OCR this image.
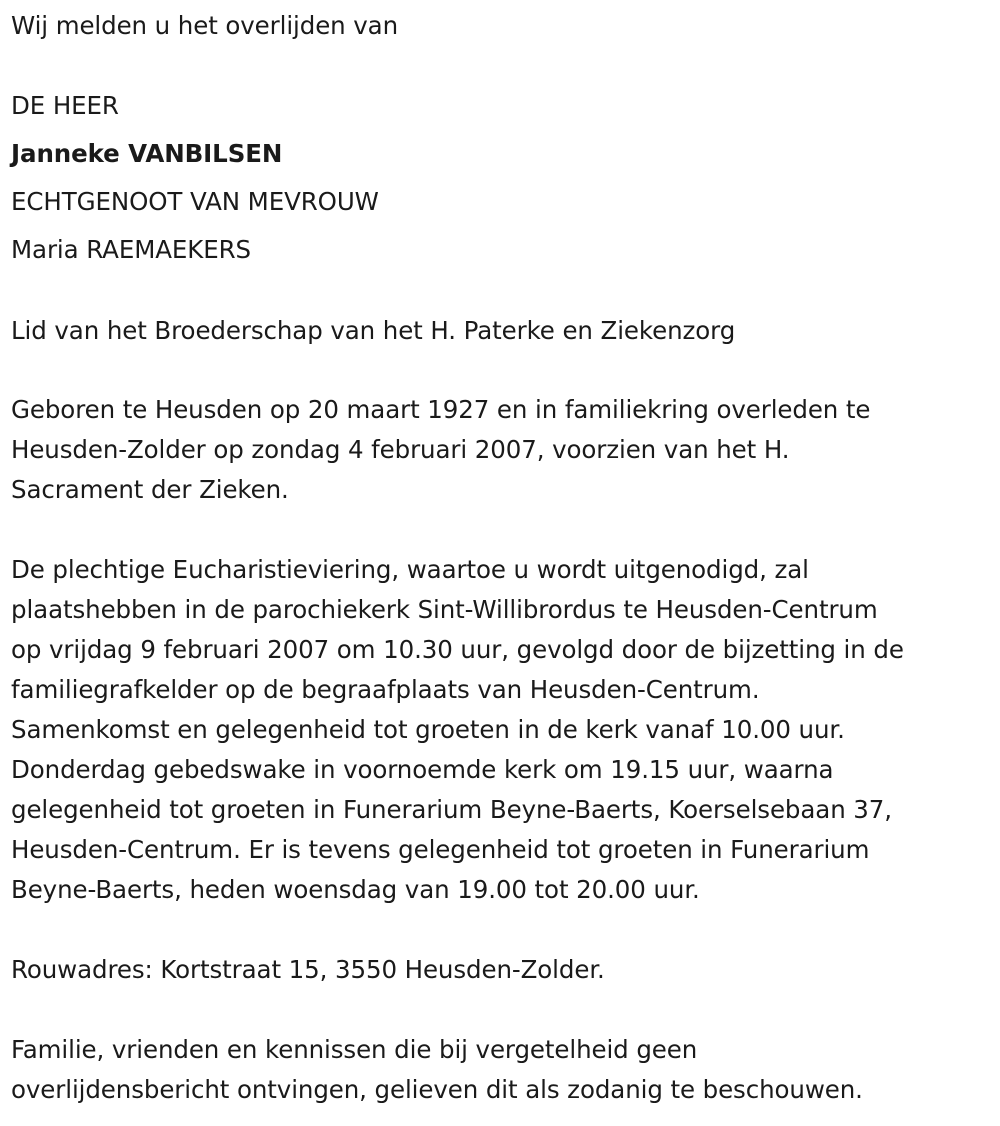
Wij melden u het overlijden van
DE HEER
Janneke VANBILSEN
ECHTGENOOT VAN MEVROUW
Maria RAEMAEKERS
Lid van het Broederschap van het H. Paterke en Ziekenzorg
Geboren te Heusden op 20 maart 1927 en in familiekring overleden te
Heusden-Zolder op zondag 4 februari 2007, voorzien van het H.
Sacrament der Zieken.
De plechtige Eucharistieviering, waartoe u wordt uitgenodigd, zal
plaatshebben in de parochiekerk Sint-Willibrordus te Heusden-Centrum
op vrijdag 9 februari 2007 om 10.30 uur, gevolgd door de bijzetting in de
familiegrafkelder op de begraafplaats van Heusden-Centrum.
Samenkomst en gelegenheid tot groeten in de kerk vanaf 10.00 uur.
Donderdag gebedswake in voornoemde kerk om 19.15 uur, waarna
gelegenheid tot groeten in Funerarium Beyne-Baerts, Koerselsebaan 37,
Heusden-Centrum. Er is tevens gelegenheid tot groeten in Funerarium
Beyne-Baerts, heden woensdag van 19.00 tot 20.00 uur.
Rouwadres: Kortstraat 15, 3550 Heusden-Zolder.
Familie, vrienden en kennissen die bij vergetelheid geen
overlijdensbericht ontvingen, gelieven dit als zodanig te beschouwen.
